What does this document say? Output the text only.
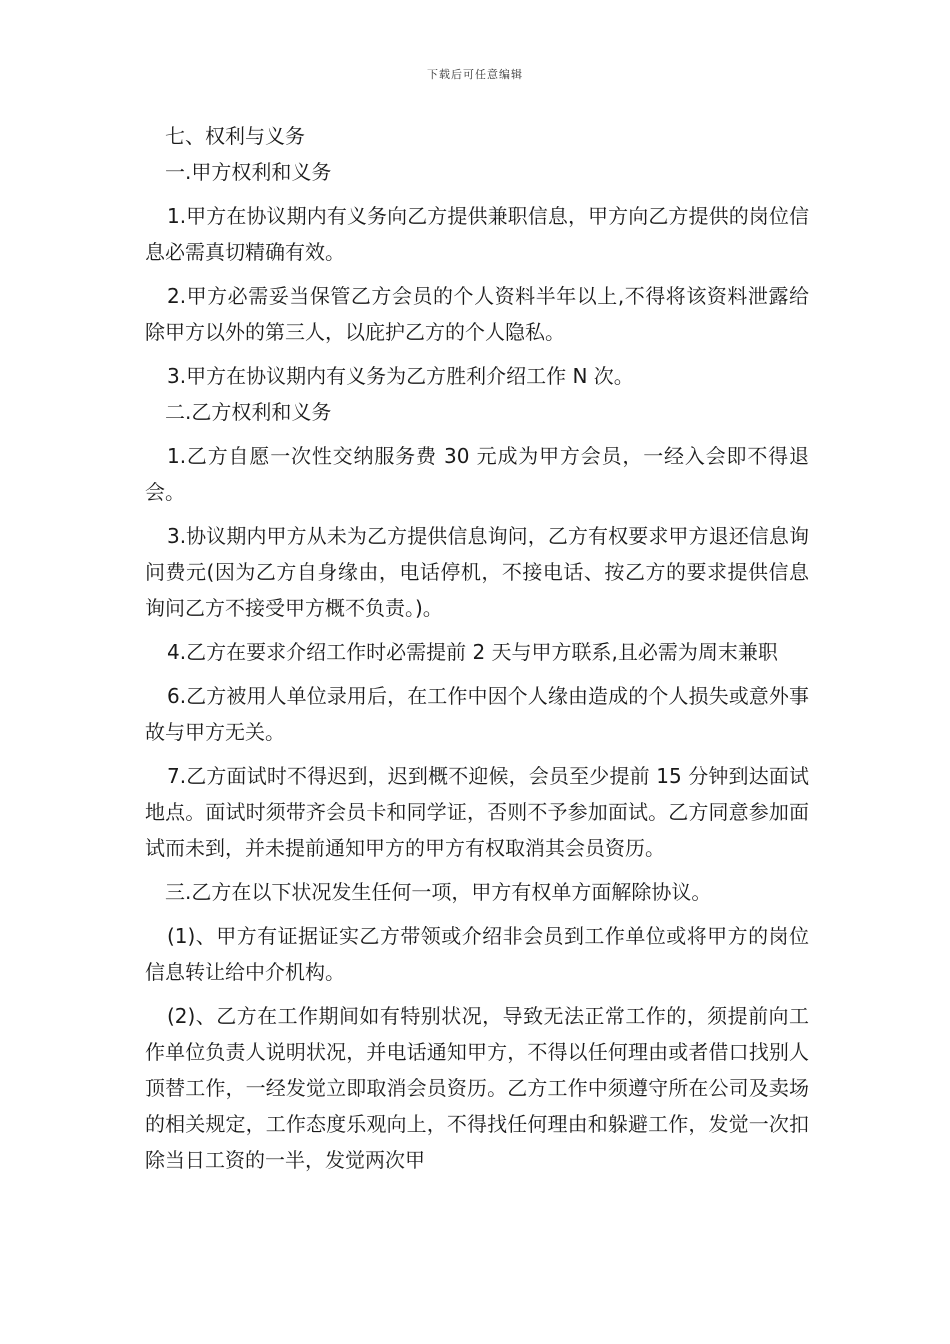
下载后可任意编辑

七、权利与义务

一.甲方权利和义务

1.甲方在协议期内有义务向乙方提供兼职信息，甲方向乙方提供的岗位信息必需真切精确有效。

2.甲方必需妥当保管乙方会员的个人资料半年以上,不得将该资料泄露给除甲方以外的第三人，以庇护乙方的个人隐私。

3.甲方在协议期内有义务为乙方胜利介绍工作 N 次。

二.乙方权利和义务

1.乙方自愿一次性交纳服务费 30 元成为甲方会员，一经入会即不得退会。

3.协议期内甲方从未为乙方提供信息询问，乙方有权要求甲方退还信息询问费元(因为乙方自身缘由，电话停机，不接电话、按乙方的要求提供信息询问乙方不接受甲方概不负责。)。

4.乙方在要求介绍工作时必需提前 2 天与甲方联系,且必需为周末兼职

6.乙方被用人单位录用后，在工作中因个人缘由造成的个人损失或意外事故与甲方无关。

7.乙方面试时不得迟到，迟到概不迎候，会员至少提前 15 分钟到达面试地点。面试时须带齐会员卡和同学证，否则不予参加面试。乙方同意参加面试而未到，并未提前通知甲方的甲方有权取消其会员资历。

三.乙方在以下状况发生任何一项，甲方有权单方面解除协议。

(1)、甲方有证据证实乙方带领或介绍非会员到工作单位或将甲方的岗位信息转让给中介机构。

(2)、乙方在工作期间如有特别状况，导致无法正常工作的，须提前向工作单位负责人说明状况，并电话通知甲方，不得以任何理由或者借口找别人顶替工作，一经发觉立即取消会员资历。乙方工作中须遵守所在公司及卖场的相关规定，工作态度乐观向上，不得找任何理由和躲避工作，发觉一次扣除当日工资的一半，发觉两次甲
